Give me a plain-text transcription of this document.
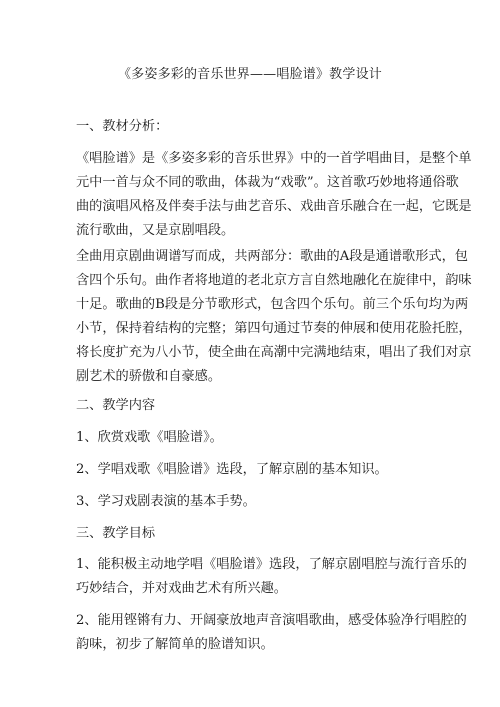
《多姿多彩的音乐世界——唱脸谱》教学设计
一、教材分析：
《唱脸谱》是《多姿多彩的音乐世界》中的一首学唱曲目，是整个单
元中一首与众不同的歌曲，体裁为“戏歌”。这首歌巧妙地将通俗歌
曲的演唱风格及伴奏手法与曲艺音乐、戏曲音乐融合在一起，它既是
流行歌曲，又是京剧唱段。
全曲用京剧曲调谱写而成，共两部分：歌曲的A段是通谱歌形式，包
含四个乐句。曲作者将地道的老北京方言自然地融化在旋律中，韵味
十足。歌曲的B段是分节歌形式，包含四个乐句。前三个乐句均为两
小节，保持着结构的完整；第四句通过节奏的伸展和使用花脸托腔，
将长度扩充为八小节，使全曲在高潮中完满地结束，唱出了我们对京
剧艺术的骄傲和自豪感。
二、教学内容
1、欣赏戏歌《唱脸谱》。
2、学唱戏歌《唱脸谱》选段，了解京剧的基本知识。
3、学习戏剧表演的基本手势。
三、教学目标
1、能积极主动地学唱《唱脸谱》选段，了解京剧唱腔与流行音乐的
巧妙结合，并对戏曲艺术有所兴趣。
2、能用铿锵有力、开阔豪放地声音演唱歌曲，感受体验净行唱腔的
韵味，初步了解简单的脸谱知识。
